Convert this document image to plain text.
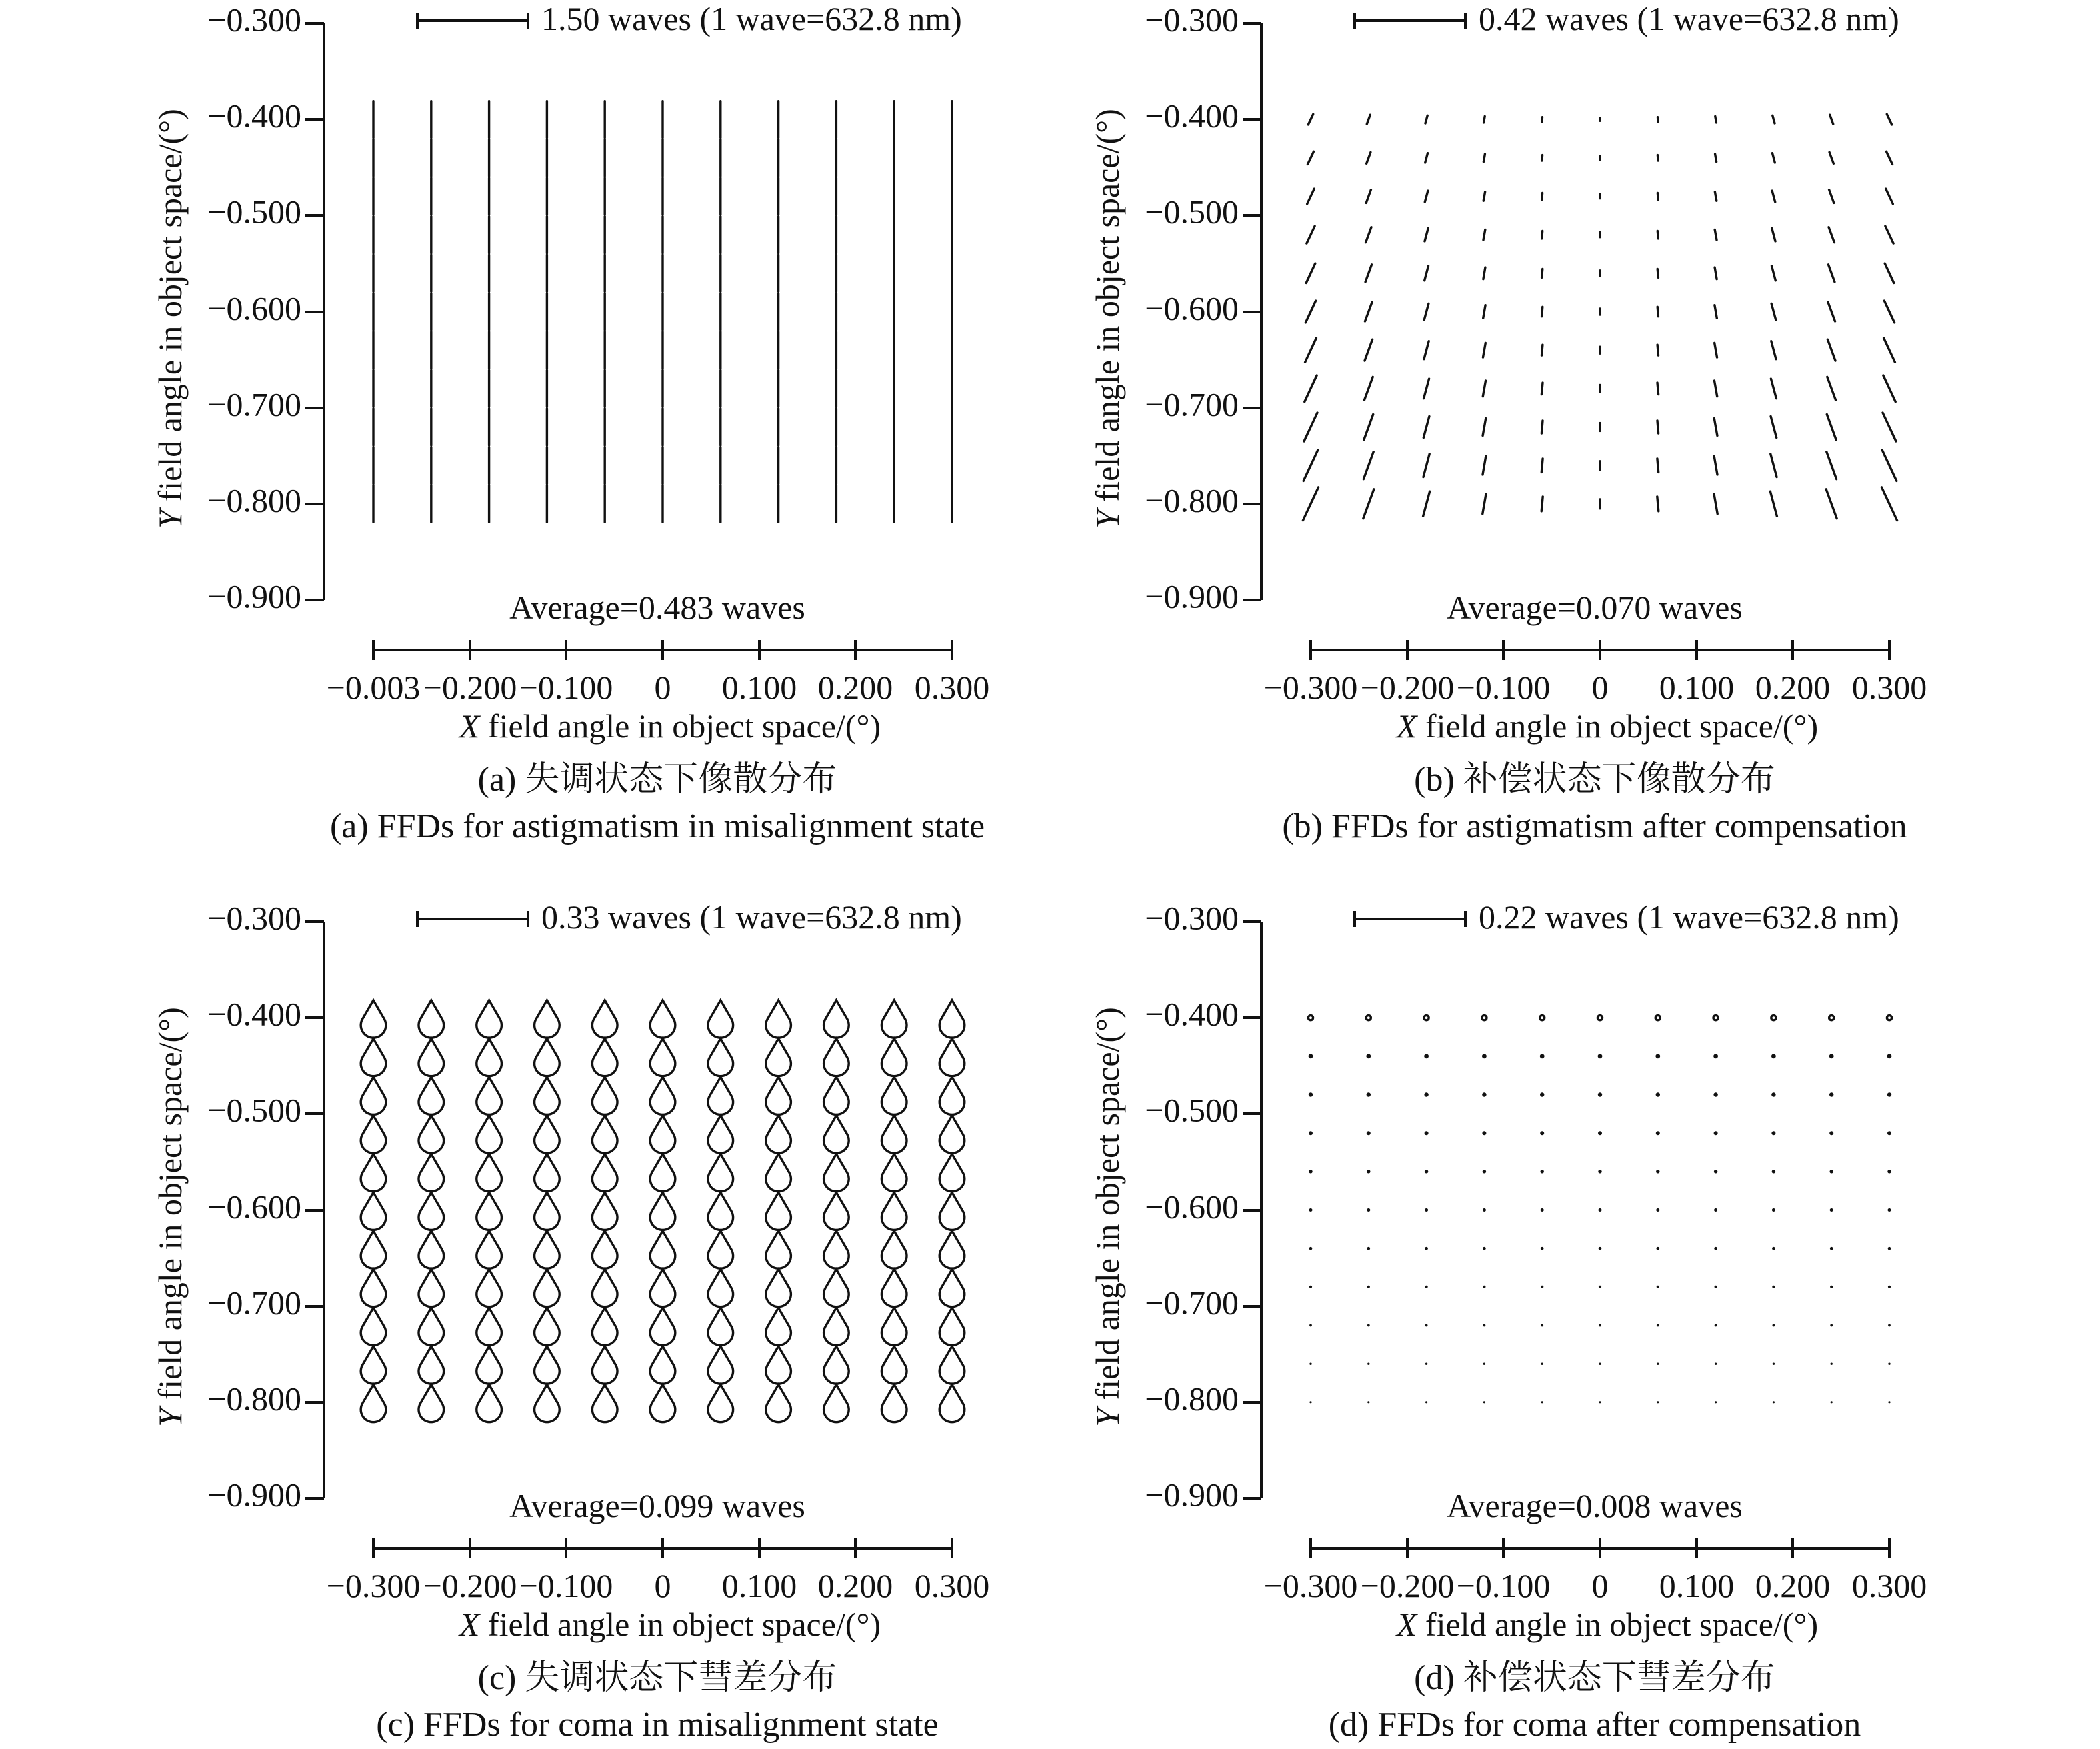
1.50 waves (1 wave=632.8 nm)
−0.300
−0.400
−0.500
−0.600
−0.700
−0.800
−0.900
Y field angle in object space/(°)
Average=0.483 waves
−0.003 −0.200 −0.100 0 0.100 0.200 0.300
X field angle in object space/(°)
(a) 失调状态下像散分布
(a) FFDs for astigmatism in misalignment state
0.42 waves (1 wave=632.8 nm)
−0.300
−0.400
−0.500
−0.600
−0.700
−0.800
−0.900
Y field angle in object space/(°)
Average=0.070 waves
−0.300 −0.200 −0.100 0 0.100 0.200 0.300
X field angle in object space/(°)
(b) 补偿状态下像散分布
(b) FFDs for astigmatism after compensation
0.33 waves (1 wave=632.8 nm)
−0.300
−0.400
−0.500
−0.600
−0.700
−0.800
−0.900
Y field angle in object space/(°)
Average=0.099 waves
−0.300 −0.200 −0.100 0 0.100 0.200 0.300
X field angle in object space/(°)
(c) 失调状态下彗差分布
(c) FFDs for coma in misalignment state
0.22 waves (1 wave=632.8 nm)
−0.300
−0.400
−0.500
−0.600
−0.700
−0.800
−0.900
Y field angle in object space/(°)
Average=0.008 waves
−0.300 −0.200 −0.100 0 0.100 0.200 0.300
X field angle in object space/(°)
(d) 补偿状态下彗差分布
(d) FFDs for coma after compensation
